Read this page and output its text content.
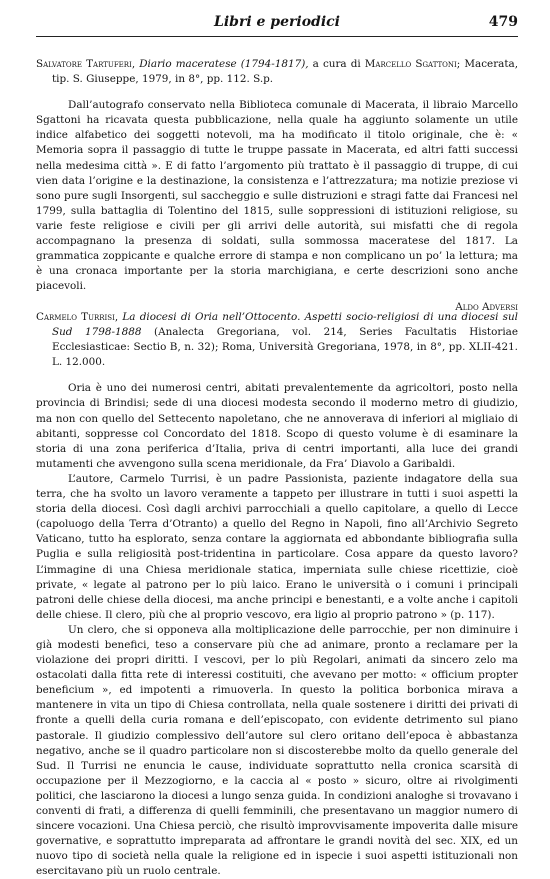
Libri e periodici	479

Salvatore Tartuferi, Diario maceratese (1794-1817), a cura di Marcello Sgattoni; Macerata, tip. S. Giuseppe, 1979, in 8°, pp. 112. S.p.

Dall’autografo conservato nella Biblioteca comunale di Macerata, il libraio Marcello Sgattoni ha ricavata questa pubblicazione, nella quale ha aggiunto solamente un utile indice alfabetico dei soggetti notevoli, ma ha modificato il titolo originale, che è: « Memoria sopra il passaggio di tutte le truppe passate in Macerata, ed altri fatti successi nella medesima città ». E di fatto l’argomento più trattato è il passaggio di truppe, di cui vien data l’origine e la destinazione, la consistenza e l’attrezzatura; ma notizie preziose vi sono pure sugli Insorgenti, sul saccheggio e sulle distruzioni e stragi fatte dai Francesi nel 1799, sulla battaglia di Tolentino del 1815, sulle soppressioni di istituzioni religiose, su varie feste religiose e civili per gli arrivi delle autorità, sui misfatti che di regola accompagnano la presenza di soldati, sulla sommossa maceratese del 1817. La grammatica zoppicante e qualche errore di stampa e non complicano un po’ la lettura; ma è una cronaca importante per la storia marchigiana, e certe descrizioni sono anche piacevoli.

Aldo Adversi

Carmelo Turrisi, La diocesi di Oria nell’Ottocento. Aspetti socio-religiosi di una diocesi sul Sud 1798-1888 (Analecta Gregoriana, vol. 214, Series Facultatis Historiae Ecclesiasticae: Sectio B, n. 32); Roma, Università Gregoriana, 1978, in 8°, pp. XLII-421. L. 12.000.

Oria è uno dei numerosi centri, abitati prevalentemente da agricoltori, posto nella provincia di Brindisi; sede di una diocesi modesta secondo il moderno metro di giudizio, ma non con quello del Settecento napoletano, che ne annoverava di inferiori al migliaio di abitanti, soppresse col Concordato del 1818. Scopo di questo volume è di esaminare la storia di una zona periferica d’Italia, priva di centri importanti, alla luce dei grandi mutamenti che avvengono sulla scena meridionale, da Fra’ Diavolo a Garibaldi.

L’autore, Carmelo Turrisi, è un padre Passionista, paziente indagatore della sua terra, che ha svolto un lavoro veramente a tappeto per illustrare in tutti i suoi aspetti la storia della diocesi. Così dagli archivi parrocchiali a quello capitolare, a quello di Lecce (capoluogo della Terra d’Otranto) a quello del Regno in Napoli, fino all’Archivio Segreto Vaticano, tutto ha esplorato, senza contare la aggiornata ed abbondante bibliografia sulla Puglia e sulla religiosità post-tridentina in particolare. Cosa appare da questo lavoro? L’immagine di una Chiesa meridionale statica, imperniata sulle chiese ricettizie, cioè private, « legate al patrono per lo più laico. Erano le università o i comuni i principali patroni delle chiese della diocesi, ma anche principi e benestanti, e a volte anche i capitoli delle chiese. Il clero, più che al proprio vescovo, era ligio al proprio patrono » (p. 117).

Un clero, che si opponeva alla moltiplicazione delle parrocchie, per non diminuire i già modesti benefici, teso a conservare più che ad animare, pronto a reclamare per la violazione dei propri diritti. I vescovi, per lo più Regolari, animati da sincero zelo ma ostacolati dalla fitta rete di interessi costituiti, che avevano per motto: « officium propter beneficium », ed impotenti a rimuoverla. In questo la politica borbonica mirava a mantenere in vita un tipo di Chiesa controllata, nella quale sostenere i diritti dei privati di fronte a quelli della curia romana e dell’episcopato, con evidente detrimento sul piano pastorale. Il giudizio complessivo dell’autore sul clero oritano dell’epoca è abbastanza negativo, anche se il quadro particolare non si discosterebbe molto da quello generale del Sud. Il Turrisi ne enuncia le cause, individuate soprattutto nella cronica scarsità di occupazione per il Mezzogiorno, e la caccia al « posto » sicuro, oltre ai rivolgimenti politici, che lasciarono la diocesi a lungo senza guida. In condizioni analoghe si trovavano i conventi di frati, a differenza di quelli femminili, che presentavano un maggior numero di sincere vocazioni. Una Chiesa perciò, che risultò improvvisamente impoverita dalle misure governative, e soprattutto impreparata ad affrontare le grandi novità del sec. XIX, ed un nuovo tipo di società nella quale la religione ed in ispecie i suoi aspetti istituzionali non esercitavano più un ruolo centrale.
